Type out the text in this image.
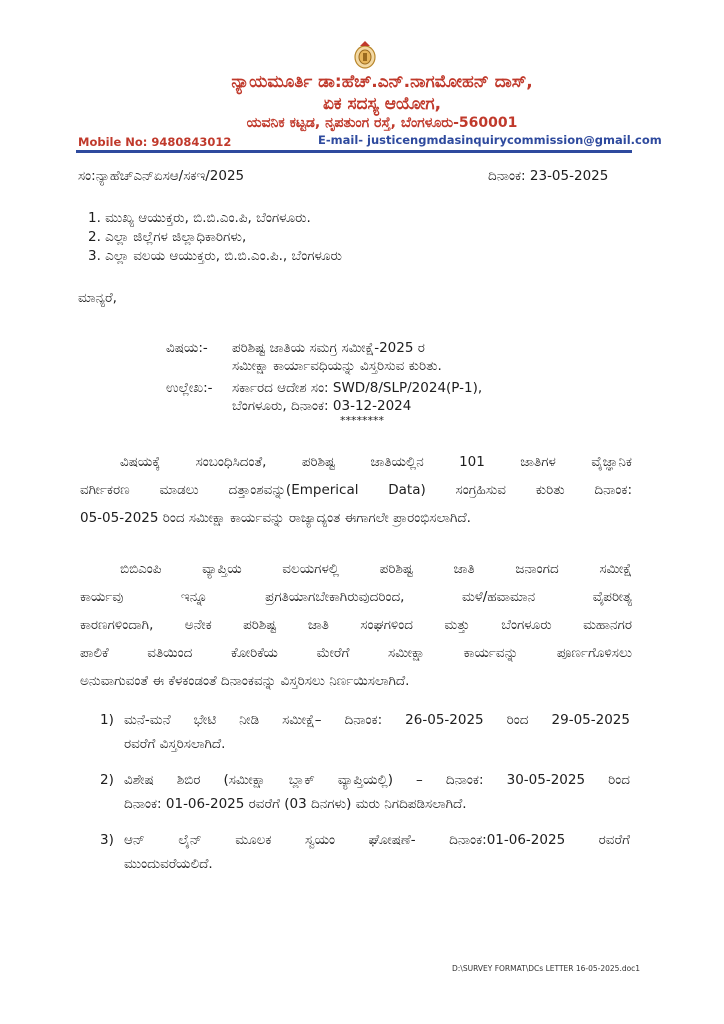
ನ್ಯಾಯಮೂರ್ತಿ ಡಾ:ಹೆಚ್.ಎನ್.ನಾಗಮೋಹನ್ ದಾಸ್,
ಏಕ ಸದಸ್ಯ ಆಯೋಗ,
ಯವನಿಕ ಕಟ್ಟಡ, ನೃಪತುಂಗ ರಸ್ತೆ, ಬೆಂಗಳೂರು-560001
Mobile No: 9480843012	E-mail- justicengmdasinquirycommission@gmail.com
ಸಂ:ನ್ಯಾಹೆಚ್ಎನ್ಏಸಆ/ಸಕಇ/2025	ದಿನಾಂಕ: 23-05-2025
1. ಮುಖ್ಯ ಆಯುಕ್ತರು, ಬಿ.ಬಿ.ಎಂ.ಪಿ, ಬೆಂಗಳೂರು.
2. ಎಲ್ಲಾ ಜಿಲ್ಲೆಗಳ ಜಿಲ್ಲಾಧಿಕಾರಿಗಳು,
3. ಎಲ್ಲಾ ವಲಯ ಆಯುಕ್ತರು, ಬಿ.ಬಿ.ಎಂ.ಪಿ., ಬೆಂಗಳೂರು
ಮಾನ್ಯರೆ,
ವಿಷಯ:- ಪರಿಶಿಷ್ಟ ಜಾತಿಯ ಸಮಗ್ರ ಸಮೀಕ್ಷೆ-2025 ರ
ಸಮೀಕ್ಷಾ ಕಾರ್ಯಾವಧಿಯನ್ನು ವಿಸ್ತರಿಸುವ ಕುರಿತು.
ಉಲ್ಲೇಖ:- ಸರ್ಕಾರದ ಆದೇಶ ಸಂ: SWD/8/SLP/2024(P-1),
ಬೆಂಗಳೂರು, ದಿನಾಂಕ: 03-12-2024
********
ವಿಷಯಕ್ಕೆ ಸಂಬಂಧಿಸಿದಂತೆ, ಪರಿಶಿಷ್ಟ ಜಾತಿಯಲ್ಲಿನ 101 ಜಾತಿಗಳ ವೈಜ್ಞಾನಿಕ
ವರ್ಗೀಕರಣ ಮಾಡಲು ದತ್ತಾಂಶವನ್ನು(Emperical Data) ಸಂಗ್ರಹಿಸುವ ಕುರಿತು ದಿನಾಂಕ:
05-05-2025 ರಿಂದ ಸಮೀಕ್ಷಾ ಕಾರ್ಯವನ್ನು ರಾಜ್ಯಾದ್ಯಂತ ಈಗಾಗಲೇ ಪ್ರಾರಂಭಿಸಲಾಗಿದೆ.
ಬಿಬಿಎಂಪಿ ವ್ಯಾಪ್ತಿಯ ವಲಯಗಳಲ್ಲಿ ಪರಿಶಿಷ್ಟ ಜಾತಿ ಜನಾಂಗದ ಸಮೀಕ್ಷೆ
ಕಾರ್ಯವು ಇನ್ನೂ ಪ್ರಗತಿಯಾಗಬೇಕಾಗಿರುವುದರಿಂದ, ಮಳೆ/ಹವಾಮಾನ ವೈಪರೀತ್ಯ
ಕಾರಣಗಳಿಂದಾಗಿ, ಅನೇಕ ಪರಿಶಿಷ್ಟ ಜಾತಿ ಸಂಘಗಳಿಂದ ಮತ್ತು ಬೆಂಗಳೂರು ಮಹಾನಗರ
ಪಾಲಿಕೆ ವತಿಯಿಂದ ಕೋರಿಕೆಯ ಮೇರೆಗೆ ಸಮೀಕ್ಷಾ ಕಾರ್ಯವನ್ನು ಪೂರ್ಣಗೊಳಿಸಲು
ಅನುವಾಗುವಂತೆ ಈ ಕೆಳಕಂಡಂತೆ ದಿನಾಂಕವನ್ನು ವಿಸ್ತರಿಸಲು ನಿರ್ಣಯಿಸಲಾಗಿದೆ.
1) ಮನೆ-ಮನೆ ಭೇಟಿ ನೀಡಿ ಸಮೀಕ್ಷೆ– ದಿನಾಂಕ: 26-05-2025 ರಿಂದ 29-05-2025
ರವರೆಗೆ ವಿಸ್ತರಿಸಲಾಗಿದೆ.
2) ವಿಶೇಷ ಶಿಬಿರ (ಸಮೀಕ್ಷಾ ಬ್ಲಾಕ್ ವ್ಯಾಪ್ತಿಯಲ್ಲಿ) – ದಿನಾಂಕ: 30-05-2025 ರಿಂದ
ದಿನಾಂಕ: 01-06-2025 ರವರೆಗೆ (03 ದಿನಗಳು) ಮರು ನಿಗದಿಪಡಿಸಲಾಗಿದೆ.
3) ಆನ್ ಲೈನ್ ಮೂಲಕ ಸ್ವಯಂ ಘೋಷಣೆ- ದಿನಾಂಕ:01-06-2025 ರವರೆಗೆ
ಮುಂದುವರೆಯಲಿದೆ.
D:\SURVEY FORMAT\DCs LETTER 16-05-2025.doc1
